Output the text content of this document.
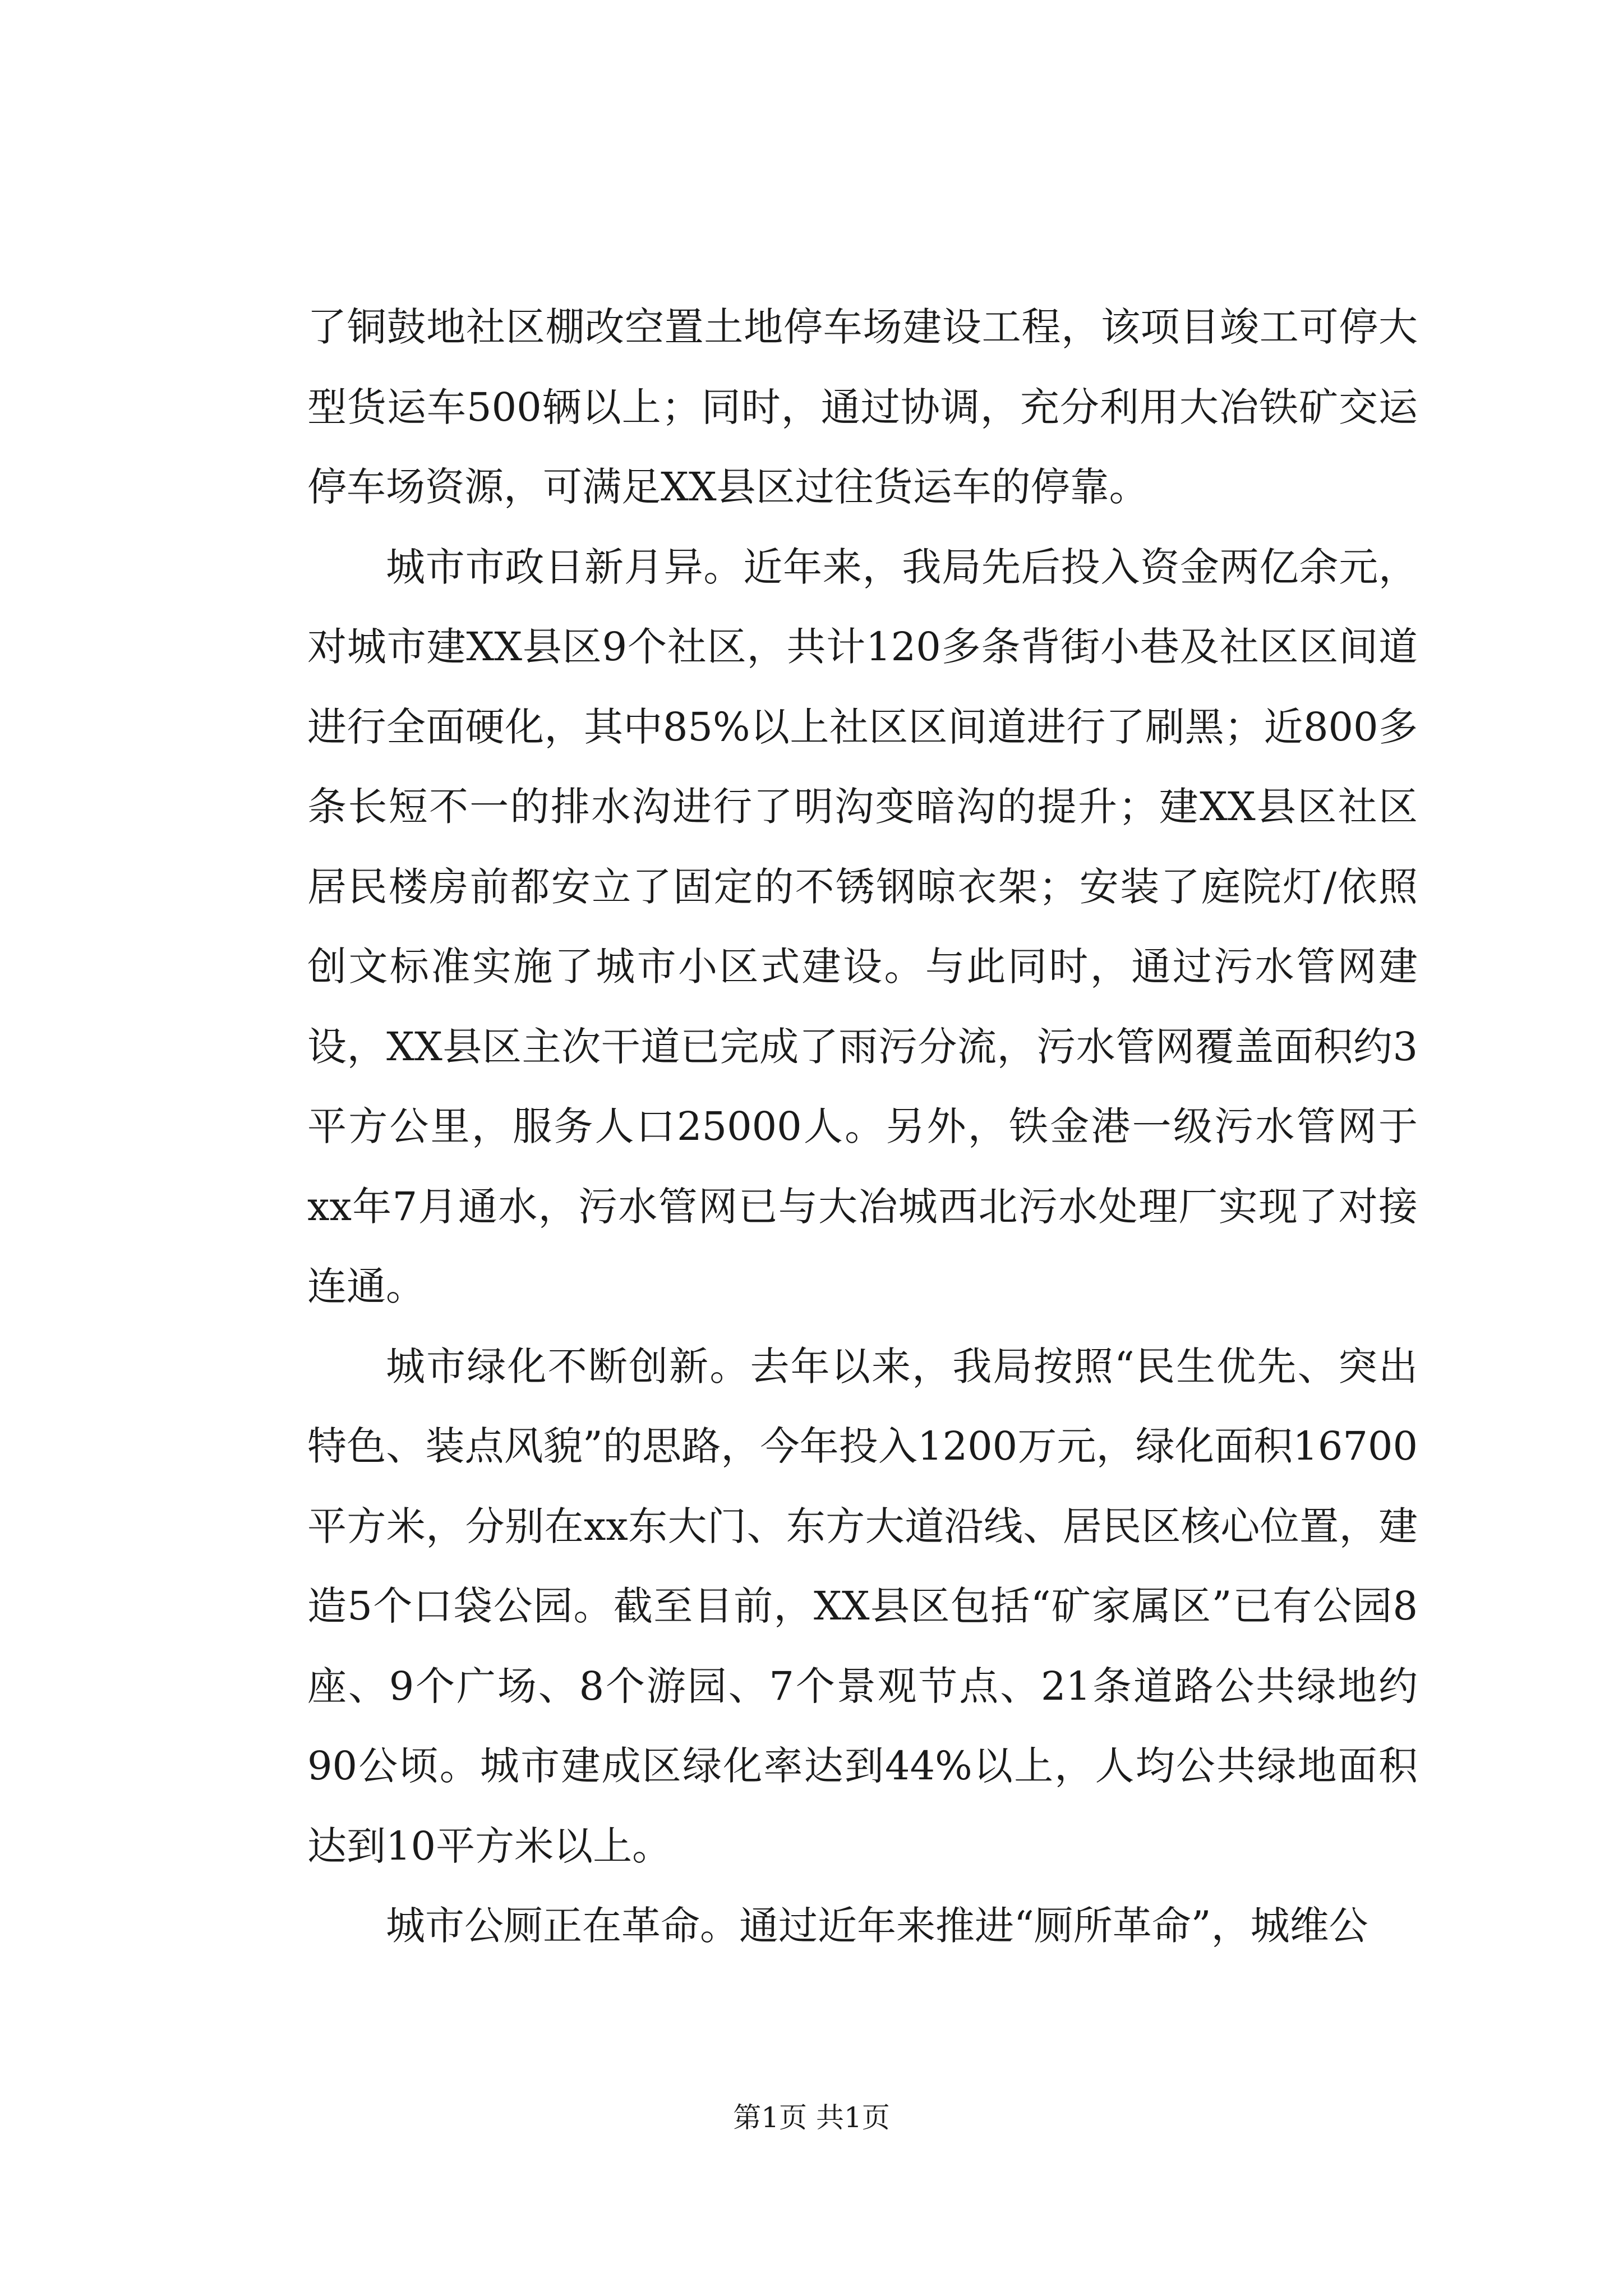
了铜鼓地社区棚改空置土地停车场建设工程，该项目竣工可停大型货运车500辆以上；同时，通过协调，充分利用大冶铁矿交运停车场资源，可满足XX县区过往货运车的停靠。

城市市政日新月异。近年来，我局先后投入资金两亿余元，对城市建XX县区9个社区，共计120多条背街小巷及社区区间道进行全面硬化，其中85%以上社区区间道进行了刷黑；近800多条长短不一的排水沟进行了明沟变暗沟的提升；建XX县区社区居民楼房前都安立了固定的不锈钢晾衣架；安装了庭院灯/依照创文标准实施了城市小区式建设。与此同时，通过污水管网建设，XX县区主次干道已完成了雨污分流，污水管网覆盖面积约3平方公里，服务人口25000人。另外，铁金港一级污水管网于xx年7月通水，污水管网已与大冶城西北污水处理厂实现了对接连通。

城市绿化不断创新。去年以来，我局按照“民生优先、突出特色、装点风貌”的思路，今年投入1200万元，绿化面积16700平方米，分别在xx东大门、东方大道沿线、居民区核心位置，建造5个口袋公园。截至目前，XX县区包括“矿家属区”已有公园8座、9个广场、8个游园、7个景观节点、21条道路公共绿地约90公顷。城市建成区绿化率达到44%以上，人均公共绿地面积达到10平方米以上。

城市公厕正在革命。通过近年来推进“厕所革命”，城维公

第1页 共1页
